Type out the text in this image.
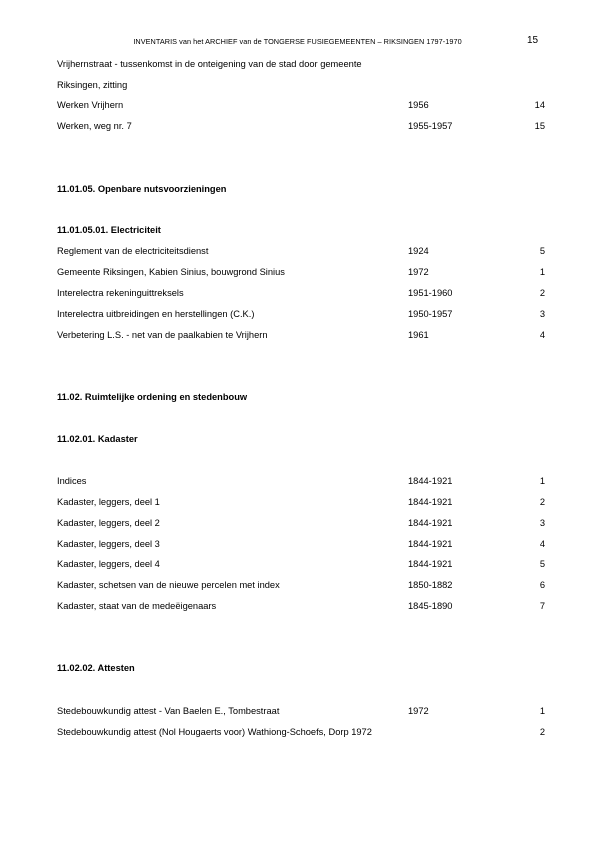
INVENTARIS van het ARCHIEF van de TONGERSE FUSIEGEMEENTEN – RIKSINGEN 1797-1970	15
Vrijhernstraat - tussenkomst in de onteigening van de stad door gemeente
Riksingen, zitting
Werken Vrijhern	1956	14
Werken, weg nr. 7	1955-1957	15
11.01.05. Openbare nutsvoorzieningen
11.01.05.01. Electriciteit
Reglement van de electriciteitsdienst	1924	5
Gemeente Riksingen, Kabien Sinius, bouwgrond Sinius	1972	1
Interelectra rekeninguittreksels	1951-1960	2
Interelectra uitbreidingen en herstellingen (C.K.)	1950-1957	3
Verbetering L.S. - net van de paalkabien te Vrijhern	1961	4
11.02. Ruimtelijke ordening en stedenbouw
11.02.01. Kadaster
Indices	1844-1921	1
Kadaster, leggers, deel 1	1844-1921	2
Kadaster, leggers, deel 2	1844-1921	3
Kadaster, leggers, deel 3	1844-1921	4
Kadaster, leggers, deel 4	1844-1921	5
Kadaster, schetsen van de nieuwe percelen met index	1850-1882	6
Kadaster, staat van de medeëigenaars	1845-1890	7
11.02.02. Attesten
Stedebouwkundig attest - Van Baelen E., Tombestraat	1972	1
Stedebouwkundig attest (Nol Hougaerts voor) Wathiong-Schoefs, Dorp 1972	2
